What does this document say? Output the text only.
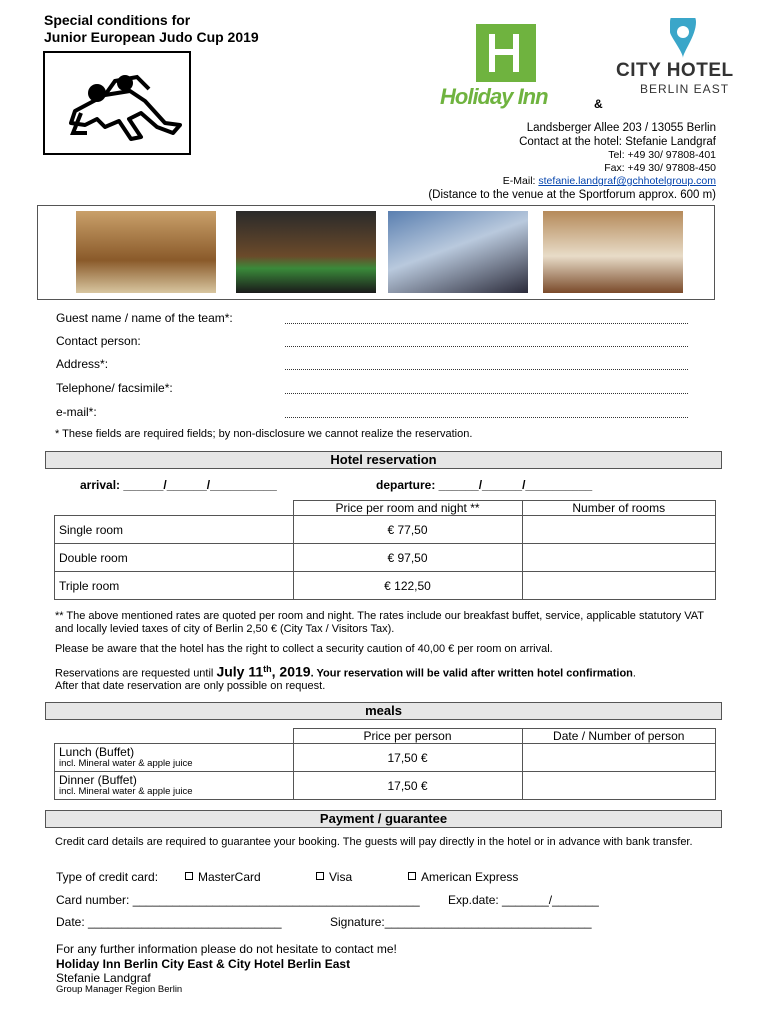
Special conditions for
Junior European Judo Cup 2019
Holiday Inn
CITY HOTEL
BERLIN EAST
&
Landsberger Allee 203 / 13055 Berlin
Contact at the hotel: Stefanie Landgraf
Tel: +49 30/ 97808-401
Fax: +49 30/ 97808-450
E-Mail: stefanie.landgraf@gchhotelgroup.com
(Distance to the venue at the Sportforum approx. 600 m)
Guest name / name of the team*:
Contact person:
Address*:
Telephone/ facsimile*:
e-mail*:
* These fields are required fields; by non-disclosure we cannot realize the reservation.
Hotel reservation
arrival: ______/______/__________	departure: ______/______/__________
	Price per room and night **	Number of rooms
Single room	€ 77,50	
Double room	€ 97,50	
Triple room	€ 122,50	
** The above mentioned rates are quoted per room and night. The rates include our breakfast buffet, service, applicable statutory VAT and locally levied taxes of city of Berlin 2,50 € (City Tax / Visitors Tax).
Please be aware that the hotel has the right to collect a security caution of 40,00 € per room on arrival.
Reservations are requested until July 11th, 2019. Your reservation will be valid after written hotel confirmation.
After that date reservation are only possible on request.
meals
	Price per person	Date / Number of person

Lunch (Buffet)
incl. Mineral water & apple juice	17,50 €	

Dinner (Buffet)
incl. Mineral water & apple juice	17,50 €	
Payment / guarantee
Credit card details are required to guarantee your booking. The guests will pay directly in the hotel or in advance with bank transfer.
Type of credit card:	MasterCard	Visa	American Express
Card number: ___________________________________________ Exp.date: _______/_______
Date: _____________________________	Signature:_______________________________
For any further information please do not hesitate to contact me!
Holiday Inn Berlin City East & City Hotel Berlin East
Stefanie Landgraf
Group Manager Region Berlin
